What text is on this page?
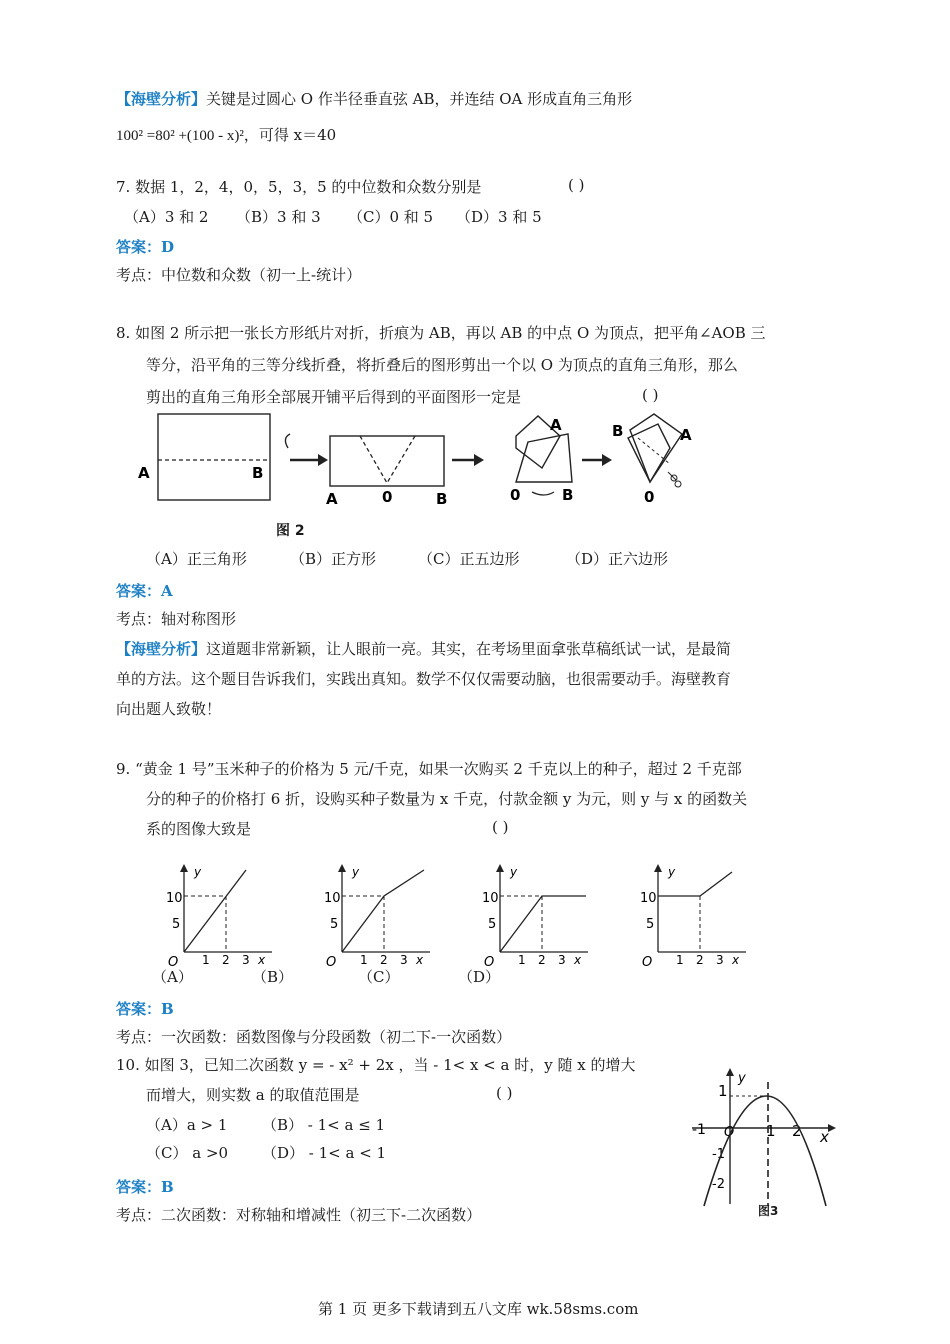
【海壁分析】关键是过圆心 O 作半径垂直弦 AB，并连结 OA 形成直角三角形
100² =80² +(100 - x)²，可得 x＝40
7. 数据 1，2，4，0，5，3，5 的中位数和众数分别是	( )
（A）3 和 2 （B）3 和 3 （C）0 和 5 （D）3 和 5
答案：D
考点：中位数和众数（初一上-统计）
8. 如图 2 所示把一张长方形纸片对折，折痕为 AB，再以 AB 的中点 O 为顶点，把平角∠AOB 三
等分，沿平角的三等分线折叠，将折叠后的图形剪出一个以 O 为顶点的直角三角形，那么
剪出的直角三角形全部展开铺平后得到的平面图形一定是	( )
A	B
A	0	B
A
0	B
B	A
0
图 2
（A）正三角形	（B）正方形	（C）正五边形	（D）正六边形
答案：A
考点：轴对称图形
【海壁分析】这道题非常新颖，让人眼前一亮。其实，在考场里面拿张草稿纸试一试，是最简
单的方法。这个题目告诉我们，实践出真知。数学不仅仅需要动脑，也很需要动手。海壁教育
向出题人致敬！
9. “黄金 1 号”玉米种子的价格为 5 元/千克，如果一次购买 2 千克以上的种子，超过 2 千克部
分的种子的价格打 6 折，设购买种子数量为 x 千克，付款金额 y 为元，则 y 与 x 的函数关
系的图像大致是	( )
y
10
5
O 1 2 3 x
y
10
5
O 1 2 3 x
y
10
5
O 1 2 3 x
y
10
5
O 1 2 3 x
（A）	（B）	（C）	（D）
答案：B
考点：一次函数：函数图像与分段函数（初二下-一次函数）
10. 如图 3，已知二次函数 y = - x² + 2x ，当 - 1< x < a 时，y 随 x 的增大
而增大，则实数 a 的取值范围是	( )
（A）a > 1 （B） - 1< a ≤ 1
（C） a >0 （D） - 1< a < 1
答案：B
考点：二次函数：对称轴和增减性（初三下-二次函数）
y
x
1
-1 O 1 2
-1
-2
图3
第 1 页 更多下载请到五八文库 wk.58sms.com
